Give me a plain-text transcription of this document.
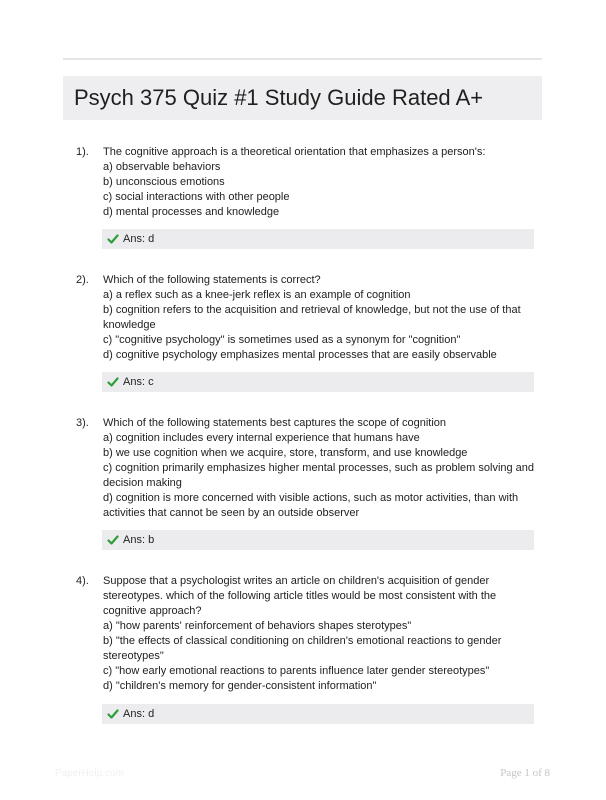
Psych 375 Quiz #1 Study Guide Rated A+
1). The cognitive approach is a theoretical orientation that emphasizes a person's:
a) observable behaviors
b) unconscious emotions
c) social interactions with other people
d) mental processes and knowledge
Ans: d
2). Which of the following statements is correct?
a) a reflex such as a knee-jerk reflex is an example of cognition
b) cognition refers to the acquisition and retrieval of knowledge, but not the use of that knowledge
c) "cognitive psychology" is sometimes used as a synonym for "cognition"
d) cognitive psychology emphasizes mental processes that are easily observable
Ans: c
3). Which of the following statements best captures the scope of cognition
a) cognition includes every internal experience that humans have
b) we use cognition when we acquire, store, transform, and use knowledge
c) cognition primarily emphasizes higher mental processes, such as problem solving and decision making
d) cognition is more concerned with visible actions, such as motor activities, than with activities that cannot be seen by an outside observer
Ans: b
4). Suppose that a psychologist writes an article on children's acquisition of gender stereotypes. which of the following article titles would be most consistent with the cognitive approach?
a) "how parents' reinforcement of behaviors shapes sterotypes"
b) "the effects of classical conditioning on children's emotional reactions to gender stereotypes"
c) "how early emotional reactions to parents influence later gender stereotypes"
d) "children's memory for gender-consistent information"
Ans: d
PaperHelp.com	Page 1 of 8
